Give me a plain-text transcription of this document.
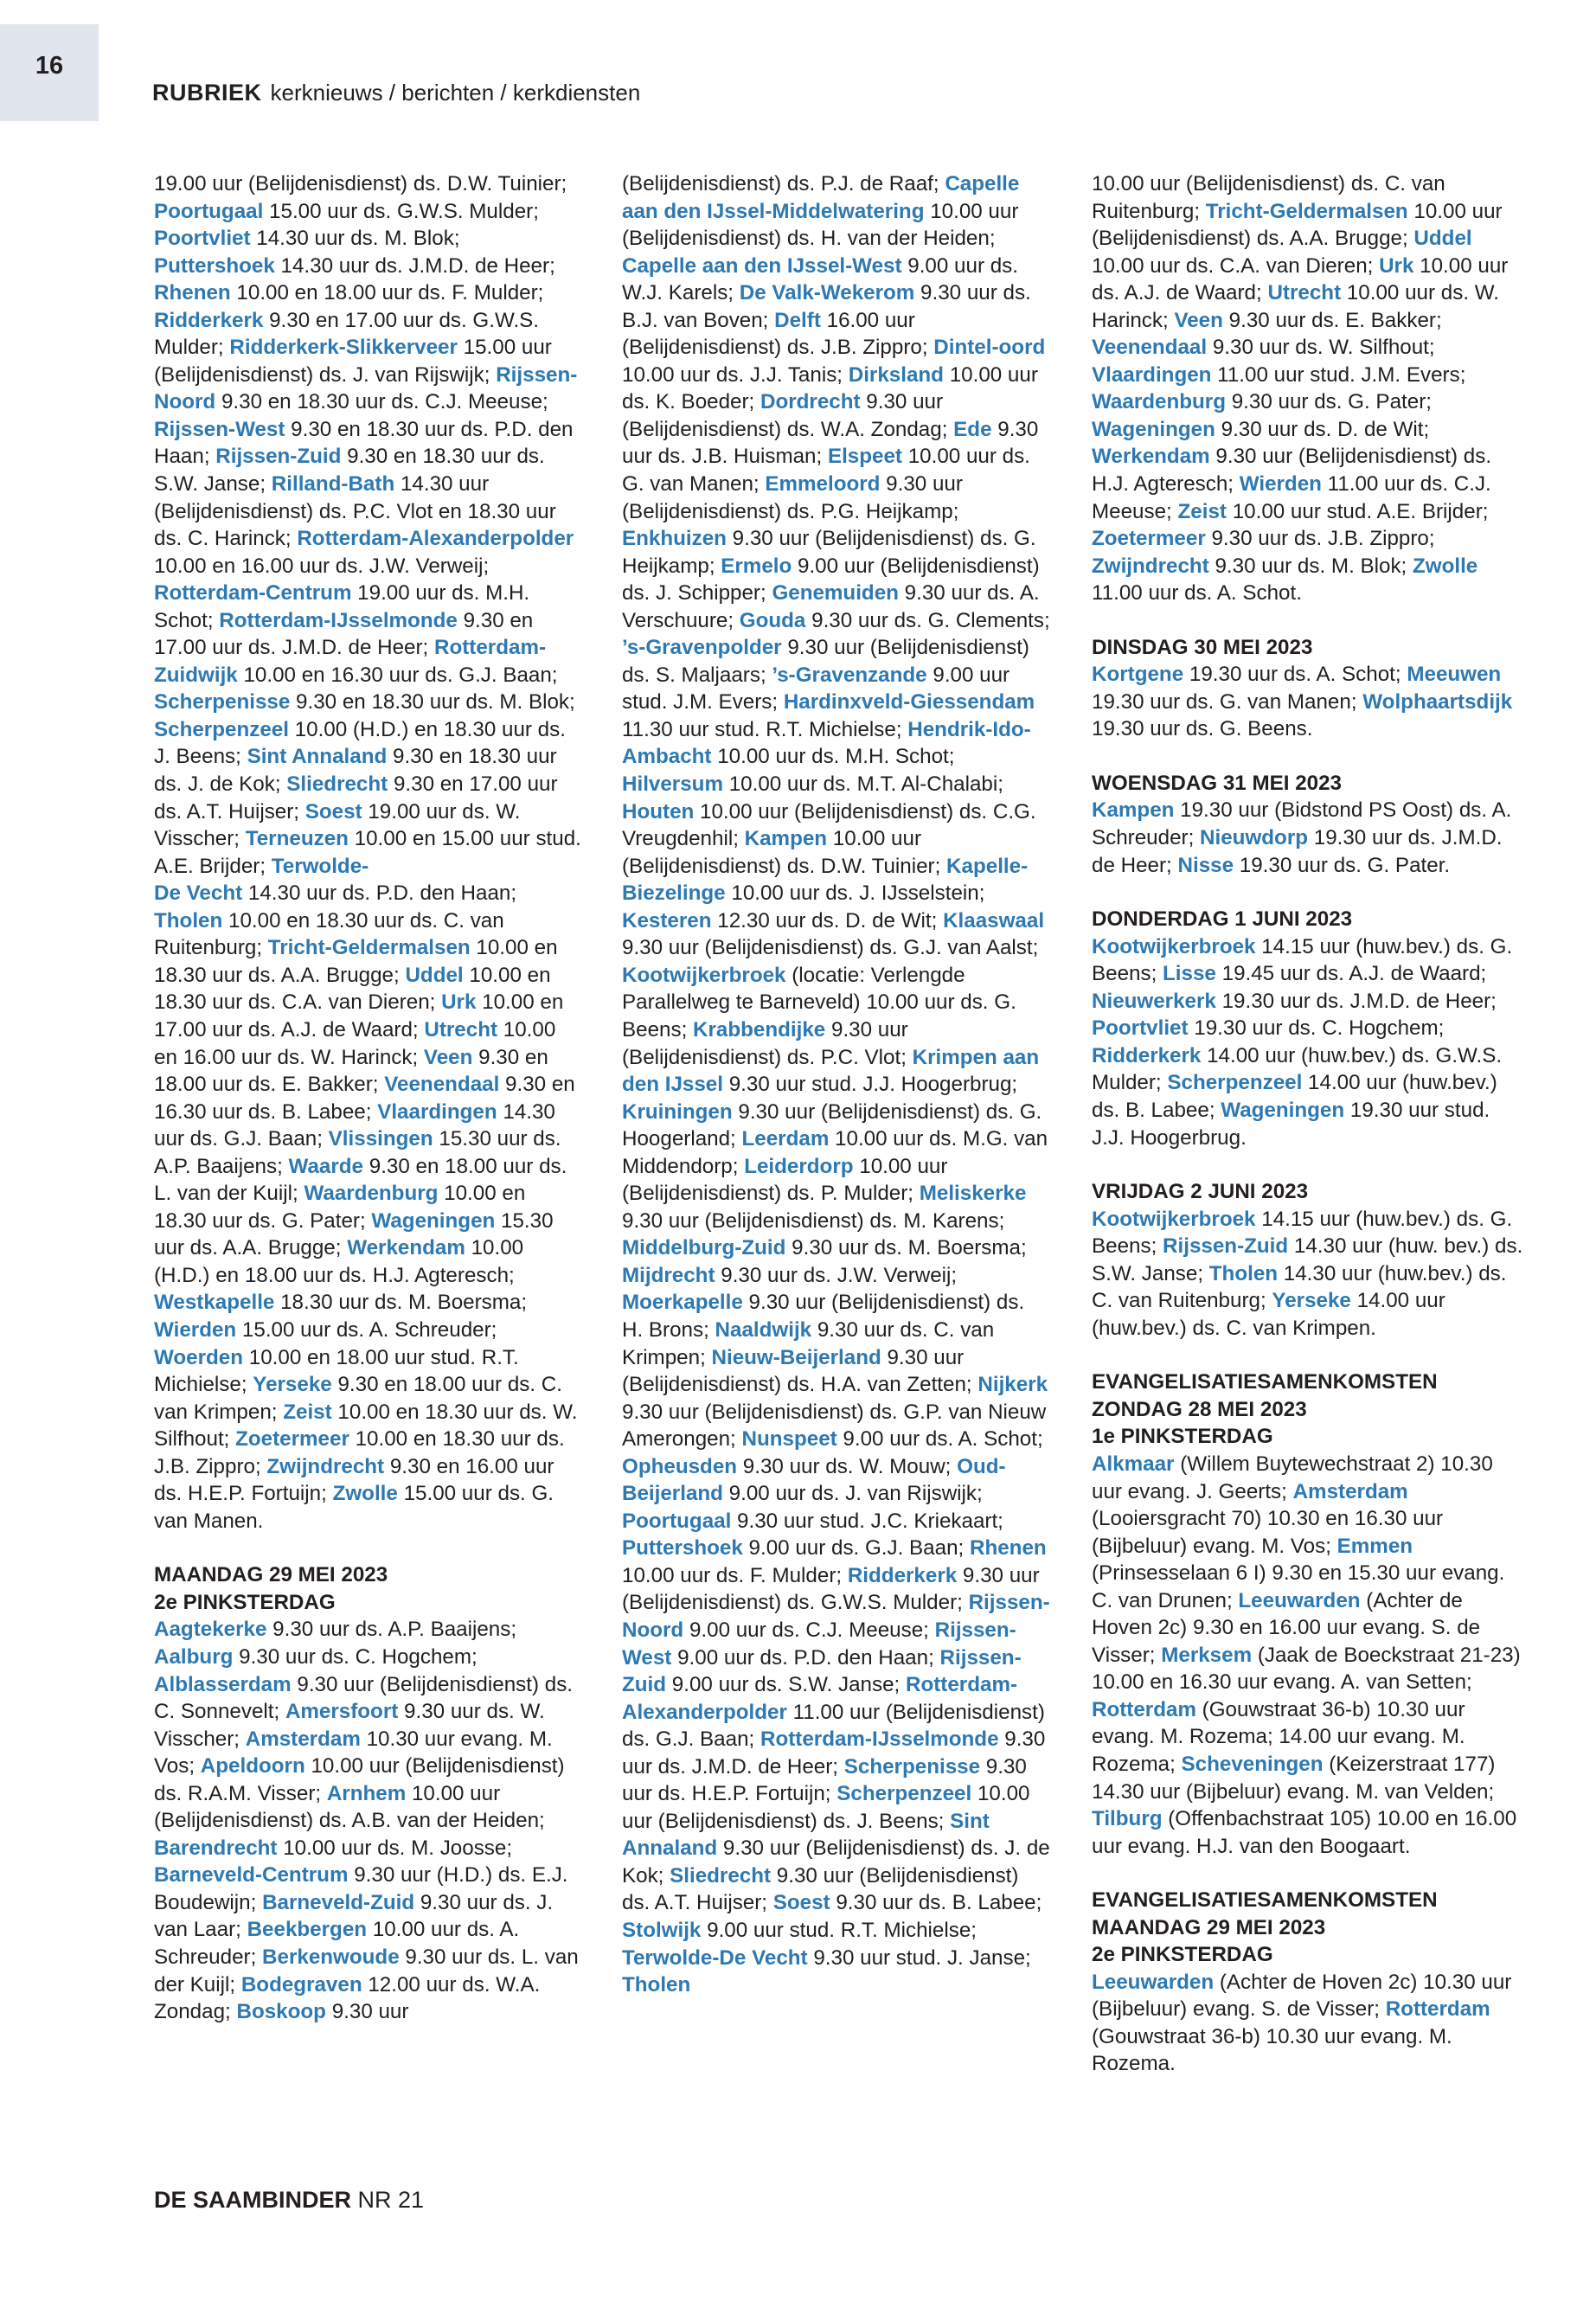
16
RUBRIEK kerknieuws / berichten / kerkdiensten

19.00 uur (Belijdenisdienst) ds. D.W. Tuinier; Poortugaal 15.00 uur ds. G.W.S. Mulder; Poortvliet 14.30 uur ds. M. Blok; Puttershoek 14.30 uur ds. J.M.D. de Heer; Rhenen 10.00 en 18.00 uur ds. F. Mulder; Ridderkerk 9.30 en 17.00 uur ds. G.W.S. Mulder; Ridderkerk-Slikkerveer 15.00 uur (Belijdenisdienst) ds. J. van Rijswijk; Rijssen-Noord 9.30 en 18.30 uur ds. C.J. Meeuse; Rijssen-West 9.30 en 18.30 uur ds. P.D. den Haan; Rijssen-Zuid 9.30 en 18.30 uur ds. S.W. Janse; Rilland-Bath 14.30 uur (Belijdenisdienst) ds. P.C. Vlot en 18.30 uur ds. C. Harinck; Rotterdam-Alexanderpolder 10.00 en 16.00 uur ds. J.W. Verweij; Rotterdam-Centrum 19.00 uur ds. M.H. Schot; Rotterdam-IJsselmonde 9.30 en 17.00 uur ds. J.M.D. de Heer; Rotterdam-Zuidwijk 10.00 en 16.30 uur ds. G.J. Baan; Scherpenisse 9.30 en 18.30 uur ds. M. Blok; Scherpenzeel 10.00 (H.D.) en 18.30 uur ds. J. Beens; Sint Annaland 9.30 en 18.30 uur ds. J. de Kok; Sliedrecht 9.30 en 17.00 uur ds. A.T. Huijser; Soest 19.00 uur ds. W. Visscher; Terneuzen 10.00 en 15.00 uur stud. A.E. Brijder; Terwolde-
De Vecht 14.30 uur ds. P.D. den Haan; Tholen 10.00 en 18.30 uur ds. C. van Ruitenburg; Tricht-Geldermalsen 10.00 en 18.30 uur ds. A.A. Brugge; Uddel 10.00 en 18.30 uur ds. C.A. van Dieren; Urk 10.00 en 17.00 uur ds. A.J. de Waard; Utrecht 10.00 en 16.00 uur ds. W. Harinck; Veen 9.30 en 18.00 uur ds. E. Bakker; Veenendaal 9.30 en 16.30 uur ds. B. Labee; Vlaardingen 14.30 uur ds. G.J. Baan; Vlissingen 15.30 uur ds. A.P. Baaijens; Waarde 9.30 en 18.00 uur ds. L. van der Kuijl; Waardenburg 10.00 en 18.30 uur ds. G. Pater; Wageningen 15.30 uur ds. A.A. Brugge; Werkendam 10.00 (H.D.) en 18.00 uur ds. H.J. Agteresch; Westkapelle 18.30 uur ds. M. Boersma; Wierden 15.00 uur ds. A. Schreuder; Woerden 10.00 en 18.00 uur stud. R.T. Michielse; Yerseke 9.30 en 18.00 uur ds. C. van Krimpen; Zeist 10.00 en 18.30 uur ds. W. Silfhout; Zoetermeer 10.00 en 18.30 uur ds. J.B. Zippro; Zwijndrecht 9.30 en 16.00 uur ds. H.E.P. Fortuijn; Zwolle 15.00 uur ds. G. van Manen.

MAANDAG 29 MEI 2023
2e PINKSTERDAG
Aagtekerke 9.30 uur ds. A.P. Baaijens; Aalburg 9.30 uur ds. C. Hogchem; Alblasserdam 9.30 uur (Belijdenisdienst) ds. C. Sonnevelt; Amersfoort 9.30 uur ds. W. Visscher; Amsterdam 10.30 uur evang. M. Vos; Apeldoorn 10.00 uur (Belijdenisdienst) ds. R.A.M. Visser; Arnhem 10.00 uur (Belijdenisdienst) ds. A.B. van der Heiden; Barendrecht 10.00 uur ds. M. Joosse; Barneveld-Centrum 9.30 uur (H.D.) ds. E.J. Boudewijn; Barneveld-Zuid 9.30 uur ds. J. van Laar; Beekbergen 10.00 uur ds. A. Schreuder; Berkenwoude 9.30 uur ds. L. van der Kuijl; Bodegraven 12.00 uur ds. W.A. Zondag; Boskoop 9.30 uur

(Belijdenisdienst) ds. P.J. de Raaf; Capelle aan den IJssel-Middelwatering 10.00 uur (Belijdenisdienst) ds. H. van der Heiden; Capelle aan den IJssel-West 9.00 uur ds. W.J. Karels; De Valk-Wekerom 9.30 uur ds. B.J. van Boven; Delft 16.00 uur (Belijdenisdienst) ds. J.B. Zippro; Dintel-oord 10.00 uur ds. J.J. Tanis; Dirksland 10.00 uur ds. K. Boeder; Dordrecht 9.30 uur (Belijdenisdienst) ds. W.A. Zondag; Ede 9.30 uur ds. J.B. Huisman; Elspeet 10.00 uur ds. G. van Manen; Emmeloord 9.30 uur (Belijdenisdienst) ds. P.G. Heijkamp; Enkhuizen 9.30 uur (Belijdenisdienst) ds. G. Heijkamp; Ermelo 9.00 uur (Belijdenisdienst) ds. J. Schipper; Genemuiden 9.30 uur ds. A. Verschuure; Gouda 9.30 uur ds. G. Clements; ’s-Gravenpolder 9.30 uur (Belijdenisdienst) ds. S. Maljaars; ’s-Gravenzande 9.00 uur stud. J.M. Evers; Hardinxveld-Giessendam 11.30 uur stud. R.T. Michielse; Hendrik-Ido-Ambacht 10.00 uur ds. M.H. Schot; Hilversum 10.00 uur ds. M.T. Al-Chalabi; Houten 10.00 uur (Belijdenisdienst) ds. C.G. Vreugdenhil; Kampen 10.00 uur (Belijdenisdienst) ds. D.W. Tuinier; Kapelle-Biezelinge 10.00 uur ds. J. IJsselstein; Kesteren 12.30 uur ds. D. de Wit; Klaaswaal 9.30 uur (Belijdenisdienst) ds. G.J. van Aalst; Kootwijkerbroek (locatie: Verlengde Parallelweg te Barneveld) 10.00 uur ds. G. Beens; Krabbendijke 9.30 uur (Belijdenisdienst) ds. P.C. Vlot; Krimpen aan den IJssel 9.30 uur stud. J.J. Hoogerbrug; Kruiningen 9.30 uur (Belijdenisdienst) ds. G. Hoogerland; Leerdam 10.00 uur ds. M.G. van Middendorp; Leiderdorp 10.00 uur (Belijdenisdienst) ds. P. Mulder; Meliskerke 9.30 uur (Belijdenisdienst) ds. M. Karens; Middelburg-Zuid 9.30 uur ds. M. Boersma; Mijdrecht 9.30 uur ds. J.W. Verweij; Moerkapelle 9.30 uur (Belijdenisdienst) ds. H. Brons; Naaldwijk 9.30 uur ds. C. van Krimpen; Nieuw-Beijerland 9.30 uur (Belijdenisdienst) ds. H.A. van Zetten; Nijkerk 9.30 uur (Belijdenisdienst) ds. G.P. van Nieuw Amerongen; Nunspeet 9.00 uur ds. A. Schot; Opheusden 9.30 uur ds. W. Mouw; Oud-Beijerland 9.00 uur ds. J. van Rijswijk; Poortugaal 9.30 uur stud. J.C. Kriekaart; Puttershoek 9.00 uur ds. G.J. Baan; Rhenen 10.00 uur ds. F. Mulder; Ridderkerk 9.30 uur (Belijdenisdienst) ds. G.W.S. Mulder; Rijssen-Noord 9.00 uur ds. C.J. Meeuse; Rijssen-West 9.00 uur ds. P.D. den Haan; Rijssen-Zuid 9.00 uur ds. S.W. Janse; Rotterdam-Alexanderpolder 11.00 uur (Belijdenisdienst) ds. G.J. Baan; Rotterdam-IJsselmonde 9.30 uur ds. J.M.D. de Heer; Scherpenisse 9.30 uur ds. H.E.P. Fortuijn; Scherpenzeel 10.00 uur (Belijdenisdienst) ds. J. Beens; Sint Annaland 9.30 uur (Belijdenisdienst) ds. J. de Kok; Sliedrecht 9.30 uur (Belijdenisdienst) ds. A.T. Huijser; Soest 9.30 uur ds. B. Labee; Stolwijk 9.00 uur stud. R.T. Michielse; Terwolde-De Vecht 9.30 uur stud. J. Janse; Tholen

10.00 uur (Belijdenisdienst) ds. C. van Ruitenburg; Tricht-Geldermalsen 10.00 uur (Belijdenisdienst) ds. A.A. Brugge; Uddel 10.00 uur ds. C.A. van Dieren; Urk 10.00 uur ds. A.J. de Waard; Utrecht 10.00 uur ds. W. Harinck; Veen 9.30 uur ds. E. Bakker; Veenendaal 9.30 uur ds. W. Silfhout; Vlaardingen 11.00 uur stud. J.M. Evers; Waardenburg 9.30 uur ds. G. Pater; Wageningen 9.30 uur ds. D. de Wit; Werkendam 9.30 uur (Belijdenisdienst) ds. H.J. Agteresch; Wierden 11.00 uur ds. C.J. Meeuse; Zeist 10.00 uur stud. A.E. Brijder; Zoetermeer 9.30 uur ds. J.B. Zippro; Zwijndrecht 9.30 uur ds. M. Blok; Zwolle 11.00 uur ds. A. Schot.

DINSDAG 30 MEI 2023
Kortgene 19.30 uur ds. A. Schot; Meeuwen 19.30 uur ds. G. van Manen; Wolphaartsdijk 19.30 uur ds. G. Beens.

WOENSDAG 31 MEI 2023
Kampen 19.30 uur (Bidstond PS Oost) ds. A. Schreuder; Nieuwdorp 19.30 uur ds. J.M.D. de Heer; Nisse 19.30 uur ds. G. Pater.

DONDERDAG 1 JUNI 2023
Kootwijkerbroek 14.15 uur (huw.bev.) ds. G. Beens; Lisse 19.45 uur ds. A.J. de Waard; Nieuwerkerk 19.30 uur ds. J.M.D. de Heer; Poortvliet 19.30 uur ds. C. Hogchem; Ridderkerk 14.00 uur (huw.bev.) ds. G.W.S. Mulder; Scherpenzeel 14.00 uur (huw.bev.) ds. B. Labee; Wageningen 19.30 uur stud. J.J. Hoogerbrug.

VRIJDAG 2 JUNI 2023
Kootwijkerbroek 14.15 uur (huw.bev.) ds. G. Beens; Rijssen-Zuid 14.30 uur (huw. bev.) ds. S.W. Janse; Tholen 14.30 uur (huw.bev.) ds. C. van Ruitenburg; Yerseke 14.00 uur (huw.bev.) ds. C. van Krimpen.

EVANGELISATIESAMENKOMSTEN
ZONDAG 28 MEI 2023
1e PINKSTERDAG
Alkmaar (Willem Buytewechstraat 2) 10.30 uur evang. J. Geerts; Amsterdam (Looiersgracht 70) 10.30 en 16.30 uur (Bijbeluur) evang. M. Vos; Emmen (Prinsesselaan 6 I) 9.30 en 15.30 uur evang. C. van Drunen; Leeuwarden (Achter de Hoven 2c) 9.30 en 16.00 uur evang. S. de Visser; Merksem (Jaak de Boeckstraat 21-23) 10.00 en 16.30 uur evang. A. van Setten; Rotterdam (Gouwstraat 36-b) 10.30 uur evang. M. Rozema; 14.00 uur evang. M. Rozema; Scheveningen (Keizerstraat 177) 14.30 uur (Bijbeluur) evang. M. van Velden; Tilburg (Offenbachstraat 105) 10.00 en 16.00 uur evang. H.J. van den Boogaart.

EVANGELISATIESAMENKOMSTEN
MAANDAG 29 MEI 2023
2e PINKSTERDAG
Leeuwarden (Achter de Hoven 2c) 10.30 uur (Bijbeluur) evang. S. de Visser; Rotterdam (Gouwstraat 36-b) 10.30 uur evang. M. Rozema.

DE SAAMBINDER NR 21
